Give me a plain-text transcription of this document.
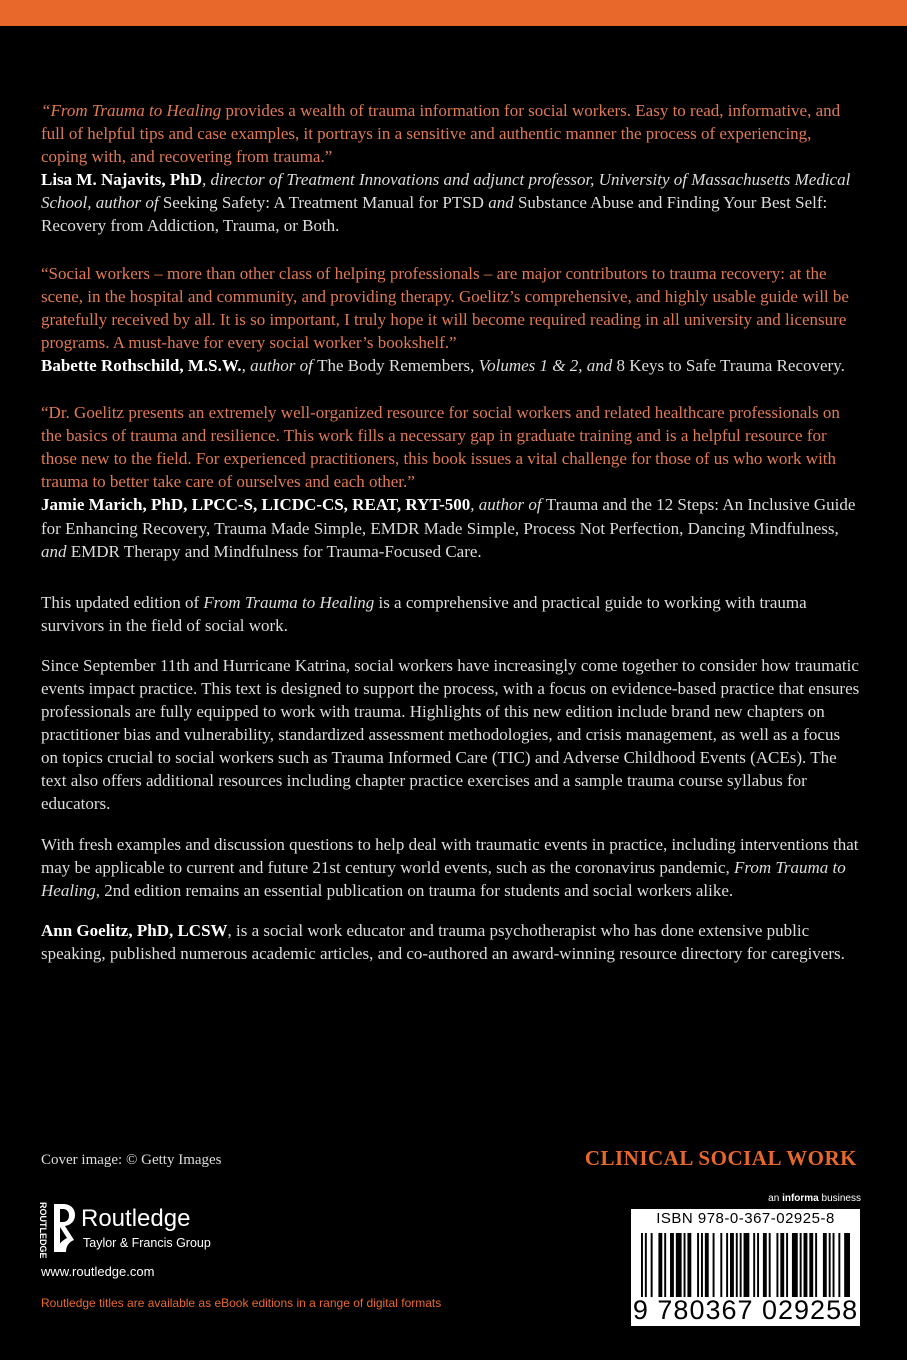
“From Trauma to Healing provides a wealth of trauma information for social workers. Easy to read, informative, and full of helpful tips and case examples, it portrays in a sensitive and authentic manner the process of experiencing, coping with, and recovering from trauma.”

Lisa M. Najavits, PhD, director of Treatment Innovations and adjunct professor, University of Massachusetts Medical School, author of Seeking Safety: A Treatment Manual for PTSD and Substance Abuse and Finding Your Best Self: Recovery from Addiction, Trauma, or Both.

“Social workers – more than other class of helping professionals – are major contributors to trauma recovery: at the scene, in the hospital and community, and providing therapy. Goelitz’s comprehensive, and highly usable guide will be gratefully received by all. It is so important, I truly hope it will become required reading in all university and licensure programs. A must-have for every social worker’s bookshelf.”

Babette Rothschild, M.S.W., author of The Body Remembers, Volumes 1 & 2, and 8 Keys to Safe Trauma Recovery.

“Dr. Goelitz presents an extremely well-organized resource for social workers and related healthcare professionals on the basics of trauma and resilience. This work fills a necessary gap in graduate training and is a helpful resource for those new to the field. For experienced practitioners, this book issues a vital challenge for those of us who work with trauma to better take care of ourselves and each other.”

Jamie Marich, PhD, LPCC-S, LICDC-CS, REAT, RYT-500, author of Trauma and the 12 Steps: An Inclusive Guide for Enhancing Recovery, Trauma Made Simple, EMDR Made Simple, Process Not Perfection, Dancing Mindfulness, and EMDR Therapy and Mindfulness for Trauma-Focused Care.

This updated edition of From Trauma to Healing is a comprehensive and practical guide to working with trauma survivors in the field of social work.

Since September 11th and Hurricane Katrina, social workers have increasingly come together to consider how traumatic events impact practice. This text is designed to support the process, with a focus on evidence-based practice that ensures professionals are fully equipped to work with trauma. Highlights of this new edition include brand new chapters on practitioner bias and vulnerability, standardized assessment methodologies, and crisis management, as well as a focus on topics crucial to social workers such as Trauma Informed Care (TIC) and Adverse Childhood Events (ACEs). The text also offers additional resources including chapter practice exercises and a sample trauma course syllabus for educators.

With fresh examples and discussion questions to help deal with traumatic events in practice, including interventions that may be applicable to current and future 21st century world events, such as the coronavirus pandemic, From Trauma to Healing, 2nd edition remains an essential publication on trauma for students and social workers alike.

Ann Goelitz, PhD, LCSW, is a social work educator and trauma psychotherapist who has done extensive public speaking, published numerous academic articles, and co-authored an award-winning resource directory for caregivers.

Cover image: © Getty Images	CLINICAL SOCIAL WORK
ROUTLEDGE Routledge
Taylor & Francis Group
www.routledge.com
Routledge titles are available as eBook editions in a range of digital formats
an informa business
ISBN 978-0-367-02925-8
9 780367 029258
